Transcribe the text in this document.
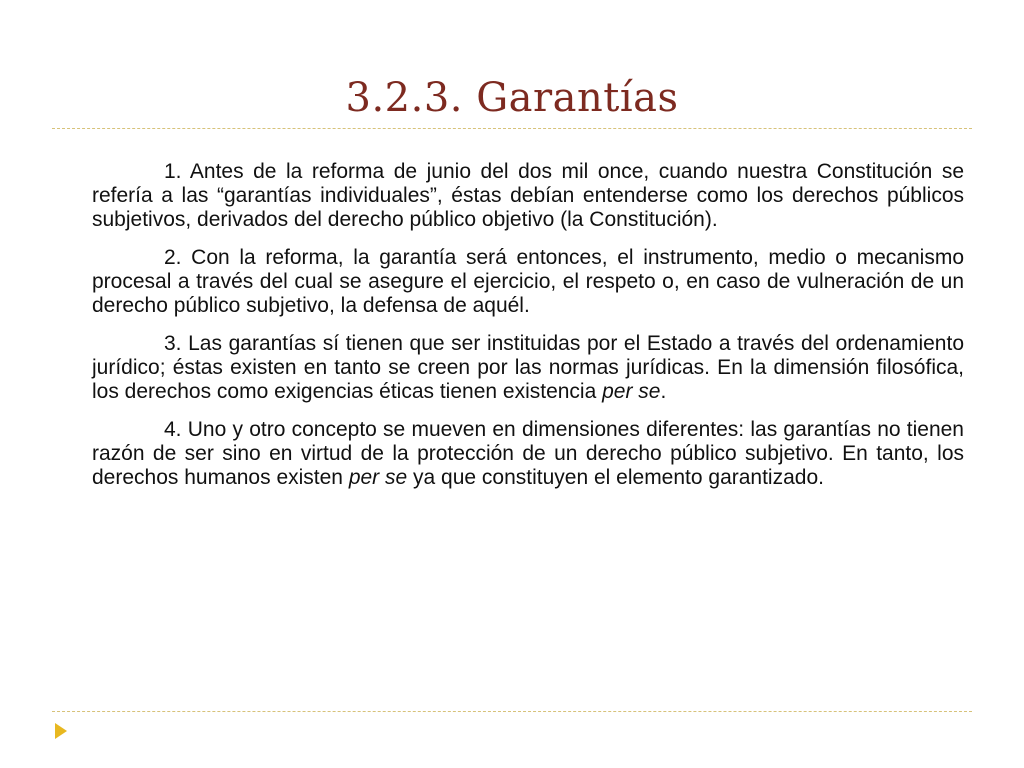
3.2.3. Garantías

1. Antes de la reforma de junio del dos mil once, cuando nuestra Constitución se refería a las “garantías individuales”, éstas debían entenderse como los derechos públicos subjetivos, derivados del derecho público objetivo (la Constitución).

2. Con la reforma, la garantía será entonces, el instrumento, medio o mecanismo procesal a través del cual se asegure el ejercicio, el respeto o, en caso de vulneración de un derecho público subjetivo, la defensa de aquél.

3. Las garantías sí tienen que ser instituidas por el Estado a través del ordenamiento jurídico; éstas existen en tanto se creen por las normas jurídicas. En la dimensión filosófica, los derechos como exigencias éticas tienen existencia per se.

4. Uno y otro concepto se mueven en dimensiones diferentes: las garantías no tienen razón de ser sino en virtud de la protección de un derecho público subjetivo. En tanto, los derechos humanos existen per se ya que constituyen el elemento garantizado.
